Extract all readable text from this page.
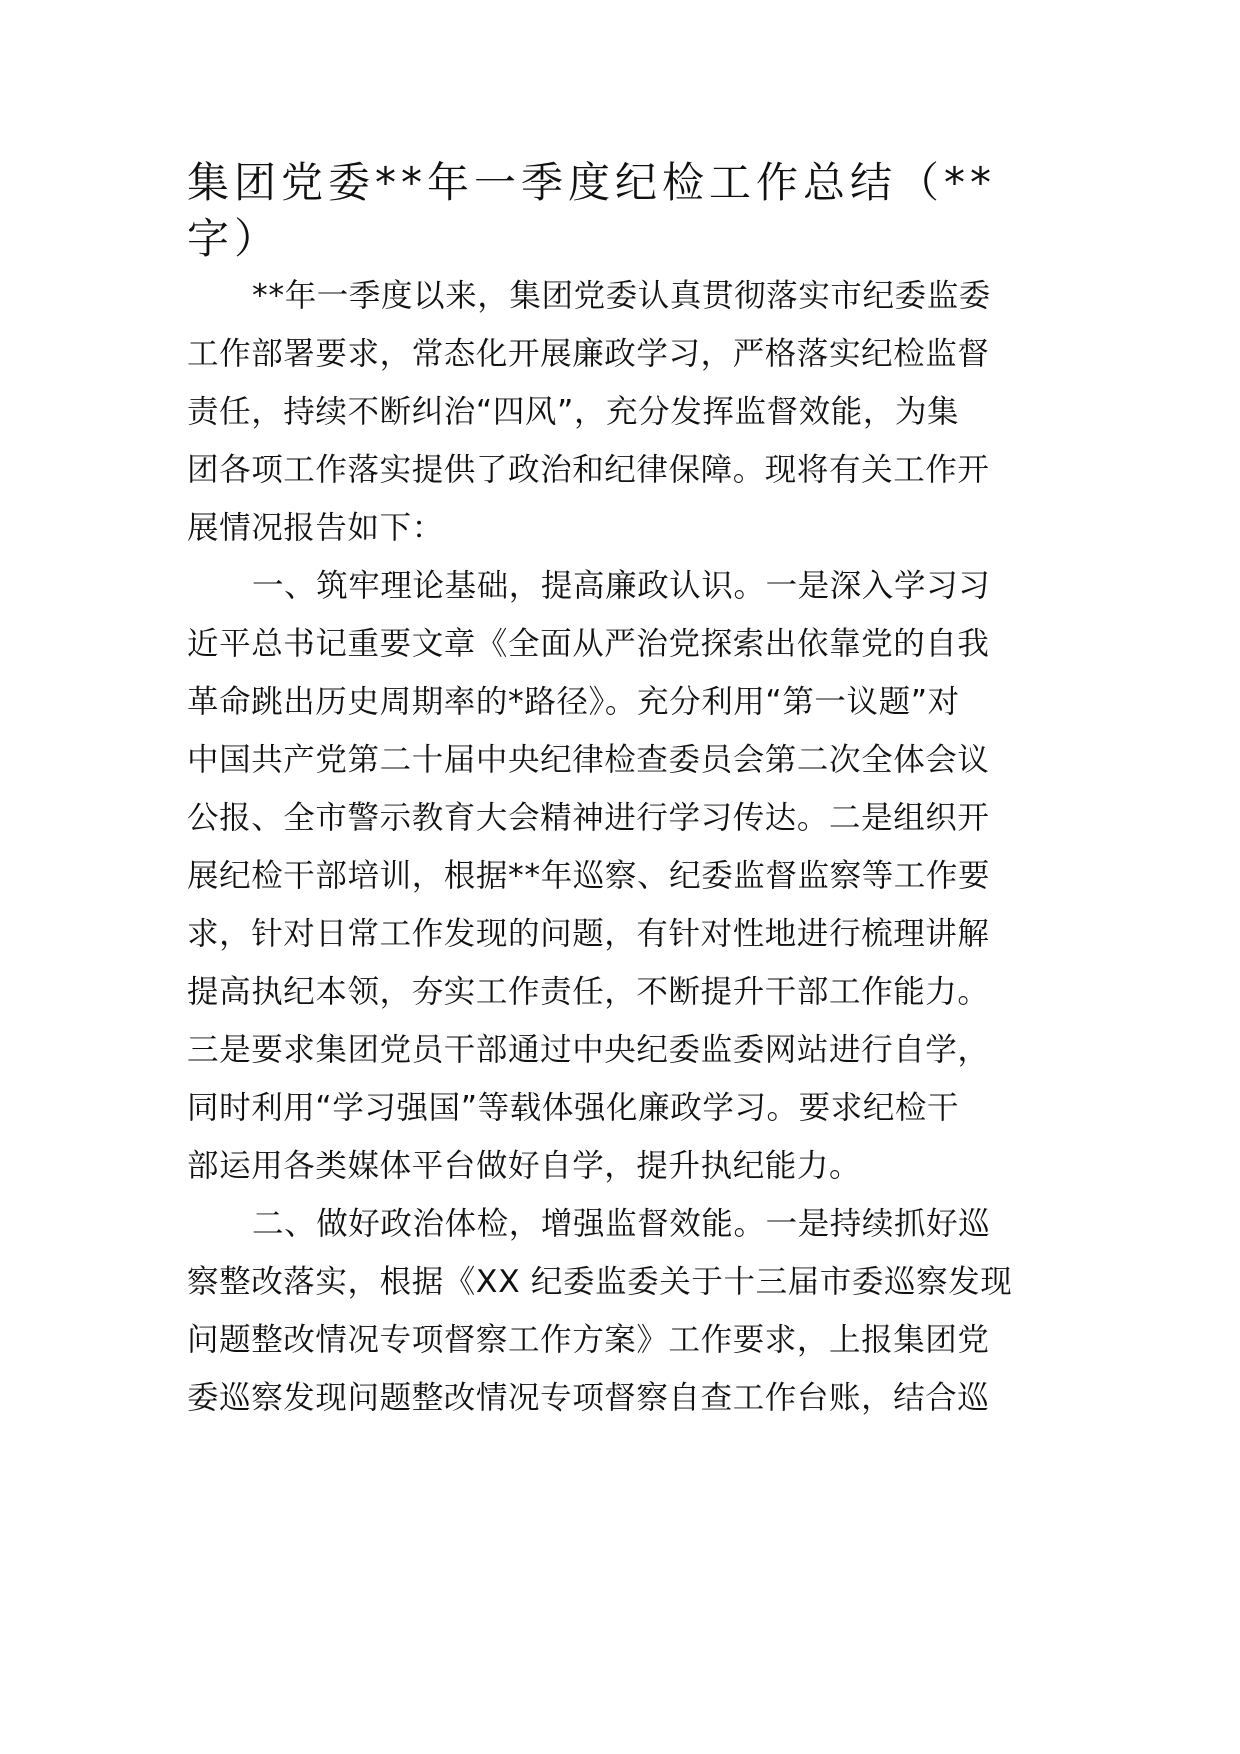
集团党委**年一季度纪检工作总结（**
字）
**年一季度以来，集团党委认真贯彻落实市纪委监委
工作部署要求，常态化开展廉政学习，严格落实纪检监督
责任，持续不断纠治“四风”，充分发挥监督效能，为集
团各项工作落实提供了政治和纪律保障。现将有关工作开
展情况报告如下：
一、筑牢理论基础，提高廉政认识。一是深入学习习
近平总书记重要文章《全面从严治党探索出依靠党的自我
革命跳出历史周期率的*路径》。充分利用“第一议题”对
中国共产党第二十届中央纪律检查委员会第二次全体会议
公报、全市警示教育大会精神进行学习传达。二是组织开
展纪检干部培训，根据**年巡察、纪委监督监察等工作要
求，针对日常工作发现的问题，有针对性地进行梳理讲解
提高执纪本领，夯实工作责任，不断提升干部工作能力。
三是要求集团党员干部通过中央纪委监委网站进行自学，
同时利用“学习强国”等载体强化廉政学习。要求纪检干
部运用各类媒体平台做好自学，提升执纪能力。
二、做好政治体检，增强监督效能。一是持续抓好巡
察整改落实，根据《XX 纪委监委关于十三届市委巡察发现
问题整改情况专项督察工作方案》工作要求，上报集团党
委巡察发现问题整改情况专项督察自查工作台账，结合巡
